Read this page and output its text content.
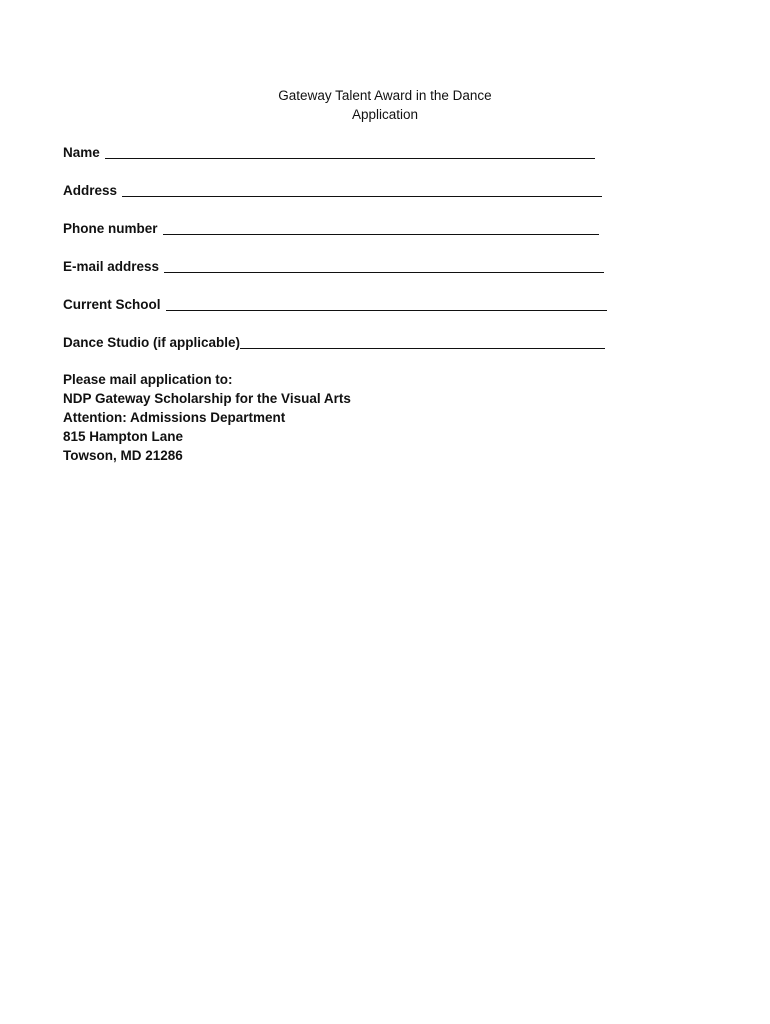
Gateway Talent Award in the Dance
Application
Name
Address
Phone number
E-mail address
Current School
Dance Studio (if applicable)
Please mail application to:
NDP Gateway Scholarship for the Visual Arts
Attention: Admissions Department
815 Hampton Lane
Towson, MD 21286
